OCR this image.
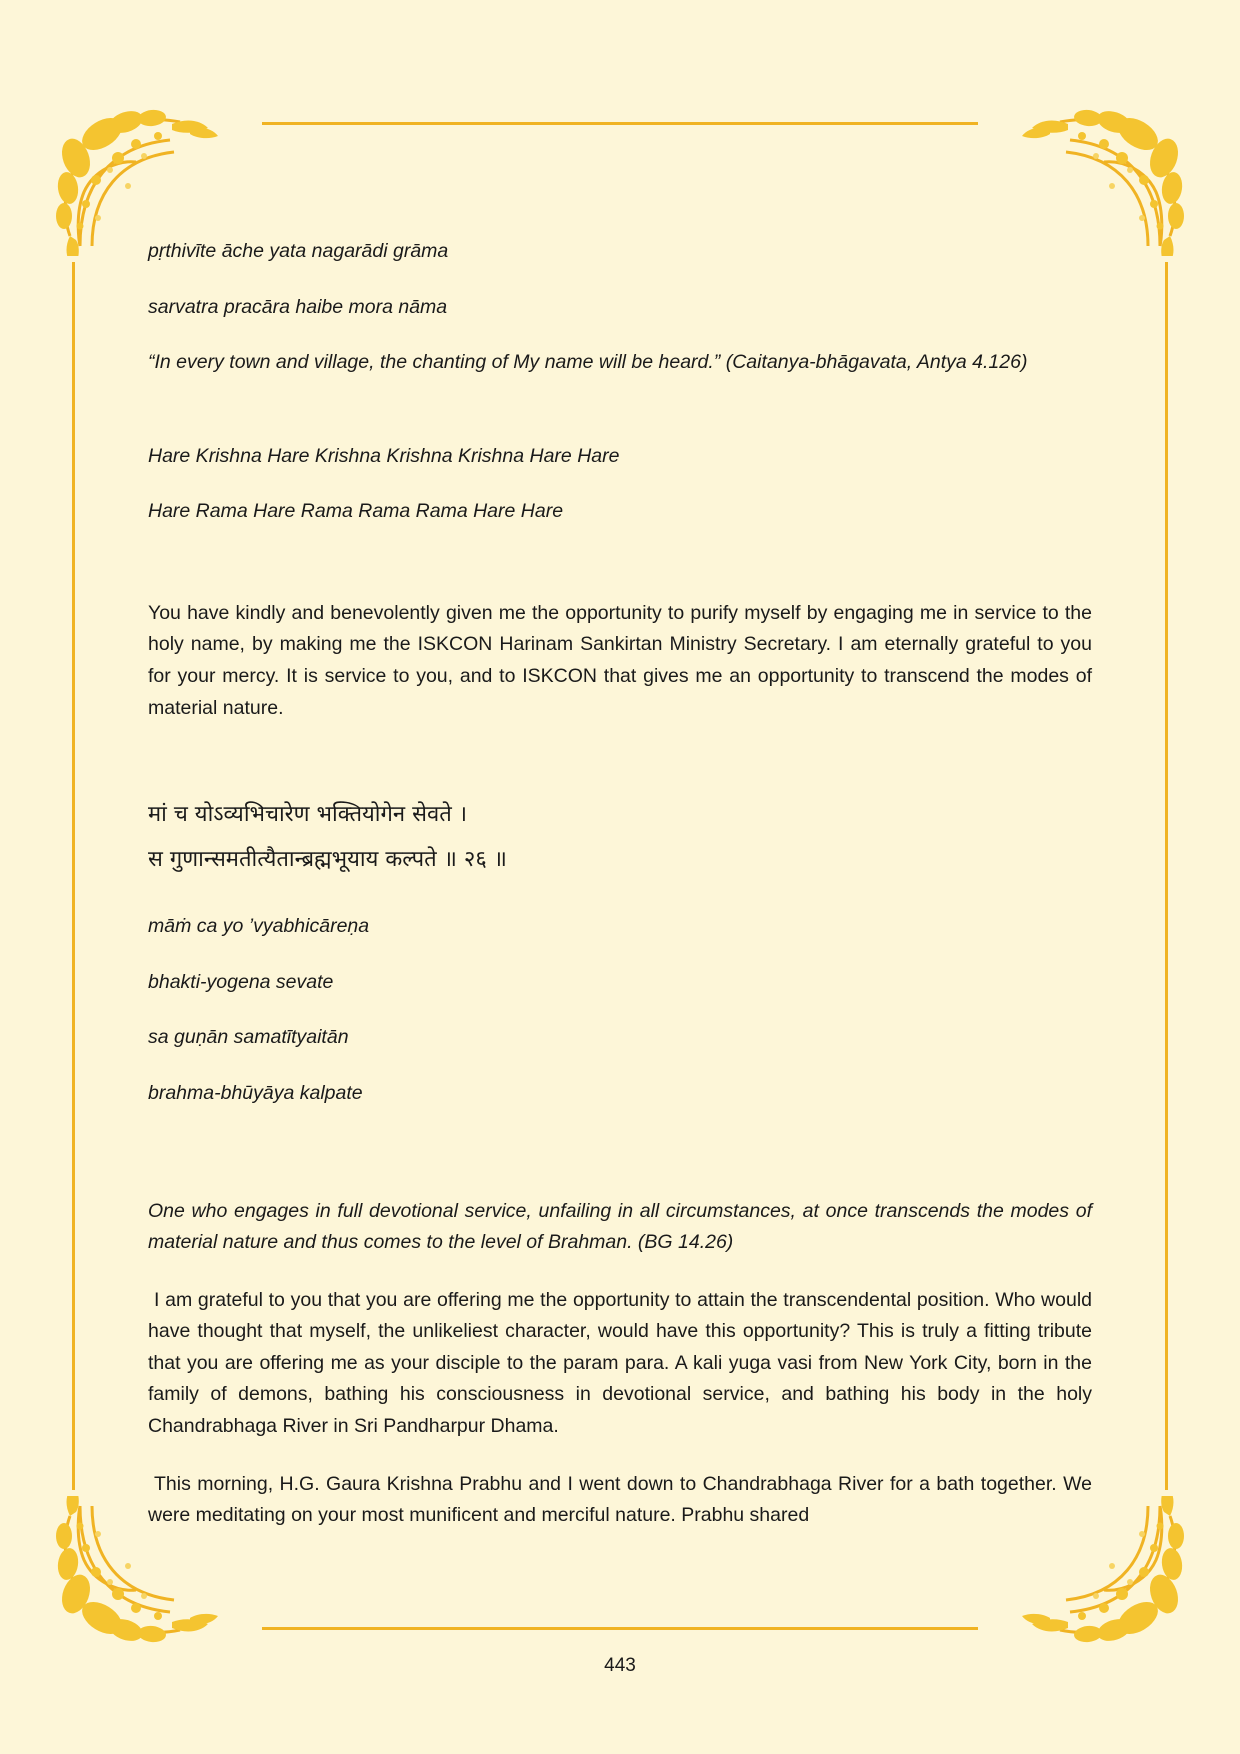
pṛthivīte āche yata nagarādi grāma

sarvatra pracāra haibe mora nāma

“In every town and village, the chanting of My name will be heard.” (Caitanya-bhāgavata, Antya 4.126)

Hare Krishna Hare Krishna Krishna Krishna Hare Hare

Hare Rama Hare Rama Rama Rama Hare Hare

You have kindly and benevolently given me the opportunity to purify myself by engaging me in service to the holy name, by making me the ISKCON Harinam Sankirtan Ministry Secretary. I am eternally grateful to you for your mercy. It is service to you, and to ISKCON that gives me an opportunity to transcend the modes of material nature.

मां च योऽव्यभिचारेण भक्तियोगेन सेवते ।

स गुणान्समतीत्यैतान्ब्रह्मभूयाय कल्पते ॥ २६ ॥

māṁ ca yo ’vyabhicāreṇa

bhakti-yogena sevate

sa guṇān samatītyaitān

brahma-bhūyāya kalpate

One who engages in full devotional service, unfailing in all circumstances, at once transcends the modes of material nature and thus comes to the level of Brahman. (BG 14.26)

I am grateful to you that you are offering me the opportunity to attain the transcendental position. Who would have thought that myself, the unlikeliest character, would have this opportunity? This is truly a fitting tribute that you are offering me as your disciple to the param para. A kali yuga vasi from New York City, born in the family of demons, bathing his consciousness in devotional service, and bathing his body in the holy Chandrabhaga River in Sri Pandharpur Dhama.

This morning, H.G. Gaura Krishna Prabhu and I went down to Chandrabhaga River for a bath together. We were meditating on your most munificent and merciful nature. Prabhu shared

443
